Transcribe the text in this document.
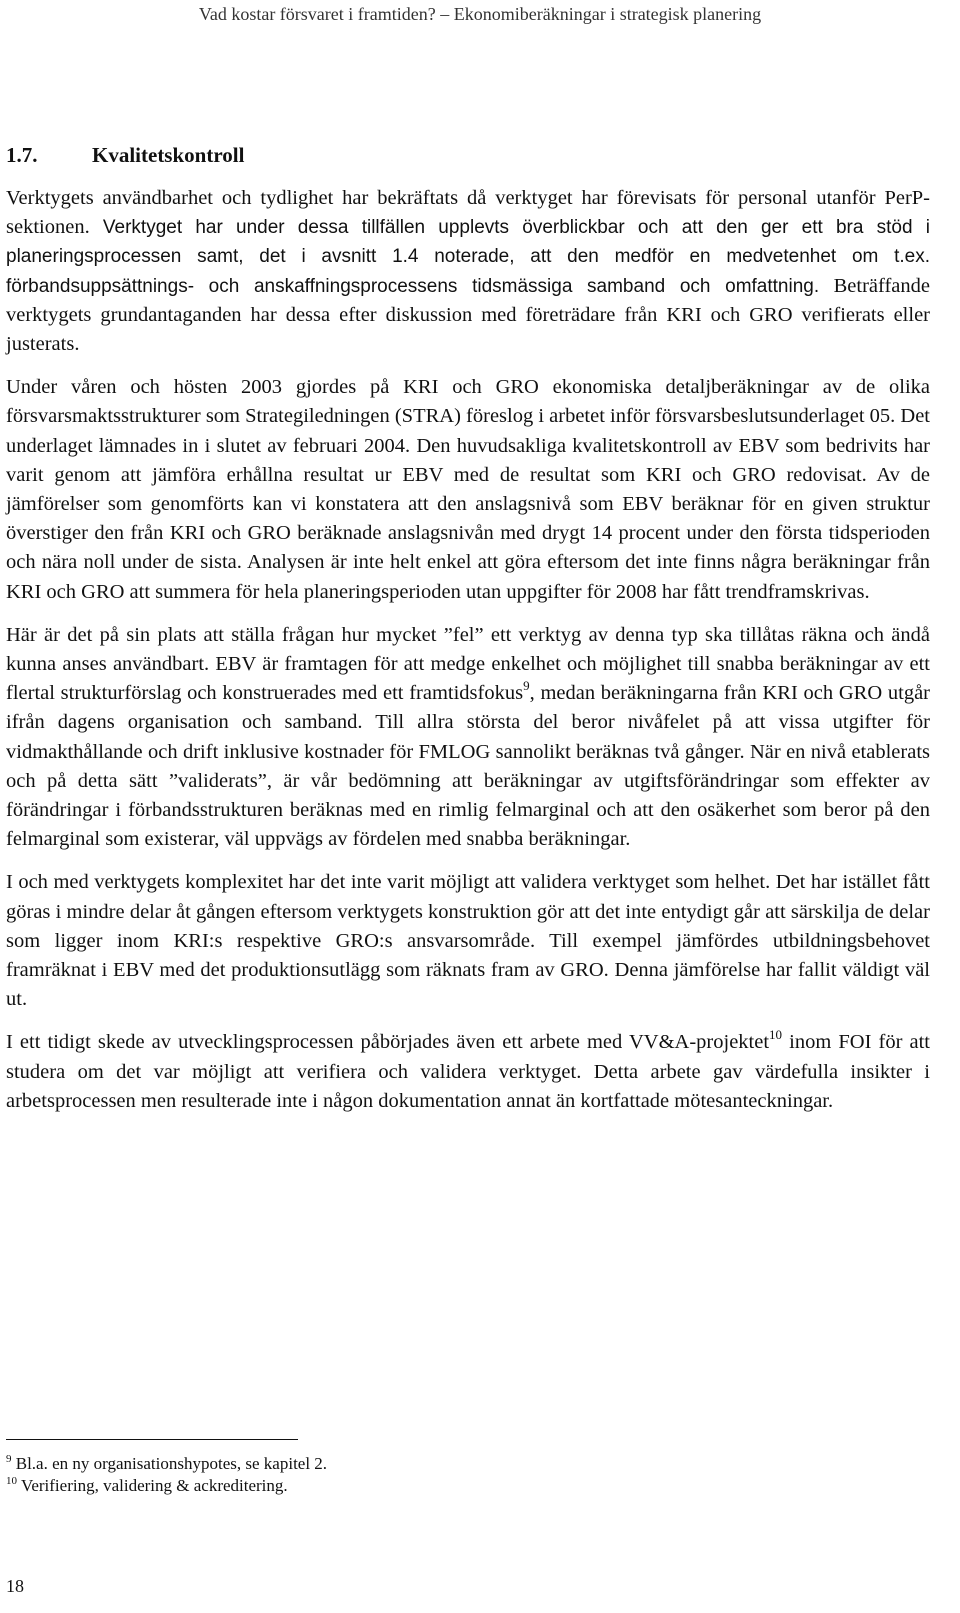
Vad kostar försvaret i framtiden? – Ekonomiberäkningar i strategisk planering
1.7.	Kvalitetskontroll

Verktygets användbarhet och tydlighet har bekräftats då verktyget har förevisats för personal utanför PerP-sektionen. Verktyget har under dessa tillfällen upplevts överblickbar och att den ger ett bra stöd i planeringsprocessen samt, det i avsnitt 1.4 noterade, att den medför en medvetenhet om t.ex. förbandsuppsättnings- och anskaffningsprocessens tidsmässiga samband och omfattning. Beträffande verktygets grundantaganden har dessa efter diskussion med företrädare från KRI och GRO verifierats eller justerats.

Under våren och hösten 2003 gjordes på KRI och GRO ekonomiska detaljberäkningar av de olika försvarsmaktsstrukturer som Strategiledningen (STRA) föreslog i arbetet inför försvarsbeslutsunderlaget 05. Det underlaget lämnades in i slutet av februari 2004. Den huvudsakliga kvalitetskontroll av EBV som bedrivits har varit genom att jämföra erhållna resultat ur EBV med de resultat som KRI och GRO redovisat. Av de jämförelser som genomförts kan vi konstatera att den anslagsnivå som EBV beräknar för en given struktur överstiger den från KRI och GRO beräknade anslagsnivån med drygt 14 procent under den första tidsperioden och nära noll under de sista. Analysen är inte helt enkel att göra eftersom det inte finns några beräkningar från KRI och GRO att summera för hela planeringsperioden utan uppgifter för 2008 har fått trendframskrivas.

Här är det på sin plats att ställa frågan hur mycket ”fel” ett verktyg av denna typ ska tillåtas räkna och ändå kunna anses användbart. EBV är framtagen för att medge enkelhet och möjlighet till snabba beräkningar av ett flertal strukturförslag och konstruerades med ett framtidsfokus$^9$, medan beräkningarna från KRI och GRO utgår ifrån dagens organisation och samband. Till allra största del beror nivåfelet på att vissa utgifter för vidmakthållande och drift inklusive kostnader för FMLOG sannolikt beräknas två gånger. När en nivå etablerats och på detta sätt ”validerats”, är vår bedömning att beräkningar av utgiftsförändringar som effekter av förändringar i förbandsstrukturen beräknas med en rimlig felmarginal och att den osäkerhet som beror på den felmarginal som existerar, väl uppvägs av fördelen med snabba beräkningar.

I och med verktygets komplexitet har det inte varit möjligt att validera verktyget som helhet. Det har istället fått göras i mindre delar åt gången eftersom verktygets konstruktion gör att det inte entydigt går att särskilja de delar som ligger inom KRI:s respektive GRO:s ansvarsområde. Till exempel jämfördes utbildningsbehovet framräknat i EBV med det produktionsutlägg som räknats fram av GRO. Denna jämförelse har fallit väldigt väl ut.

I ett tidigt skede av utvecklingsprocessen påbörjades även ett arbete med VV&A-projektet$^{10}$ inom FOI för att studera om det var möjligt att verifiera och validera verktyget. Detta arbete gav värdefulla insikter i arbetsprocessen men resulterade inte i någon dokumentation annat än kortfattade mötesanteckningar.

$^9$ Bl.a. en ny organisationshypotes, se kapitel 2.
$^{10}$ Verifiering, validering & ackreditering.
18
